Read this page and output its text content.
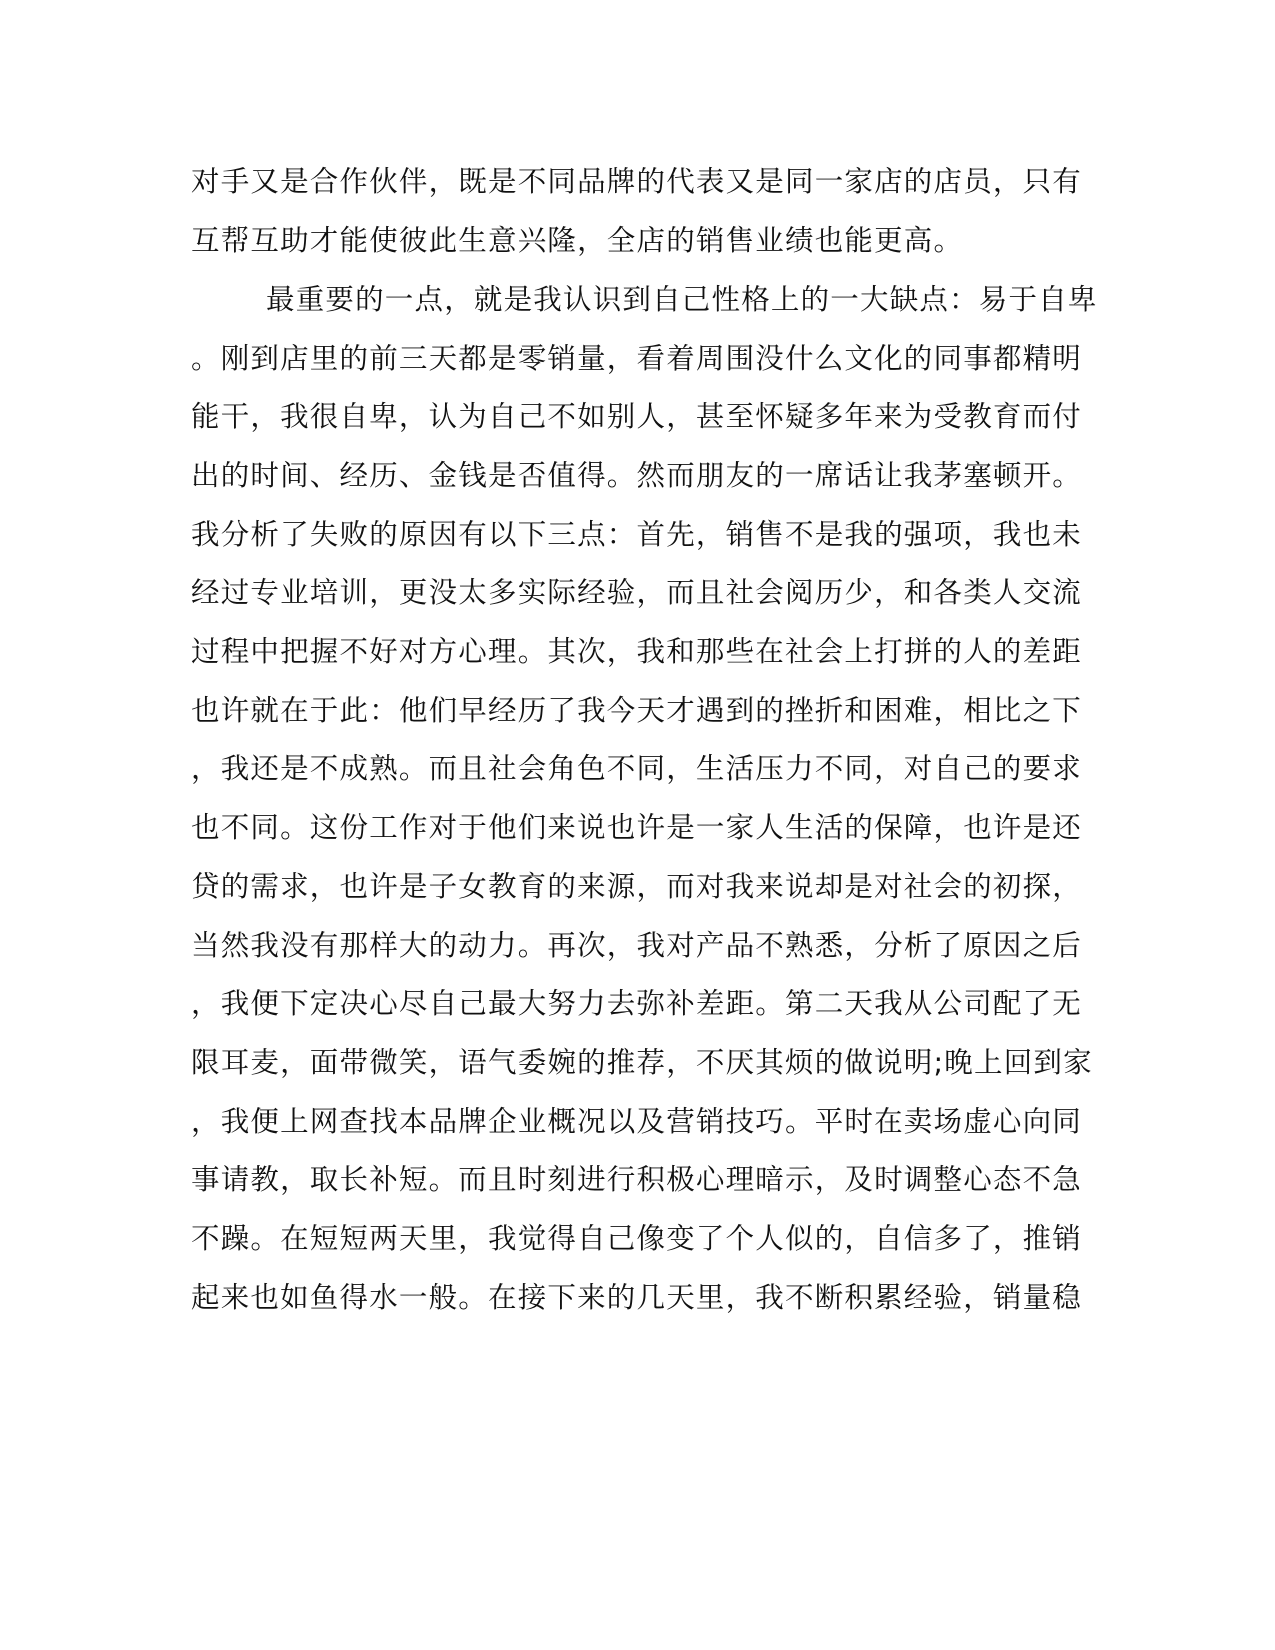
对手又是合作伙伴，既是不同品牌的代表又是同一家店的店员，只有
互帮互助才能使彼此生意兴隆，全店的销售业绩也能更高。
最重要的一点，就是我认识到自己性格上的一大缺点：易于自卑
。刚到店里的前三天都是零销量，看着周围没什么文化的同事都精明
能干，我很自卑，认为自己不如别人，甚至怀疑多年来为受教育而付
出的时间、经历、金钱是否值得。然而朋友的一席话让我茅塞顿开。
我分析了失败的原因有以下三点：首先，销售不是我的强项，我也未
经过专业培训，更没太多实际经验，而且社会阅历少，和各类人交流
过程中把握不好对方心理。其次，我和那些在社会上打拼的人的差距
也许就在于此：他们早经历了我今天才遇到的挫折和困难，相比之下
，我还是不成熟。而且社会角色不同，生活压力不同，对自己的要求
也不同。这份工作对于他们来说也许是一家人生活的保障，也许是还
贷的需求，也许是子女教育的来源，而对我来说却是对社会的初探，
当然我没有那样大的动力。再次，我对产品不熟悉，分析了原因之后
，我便下定决心尽自己最大努力去弥补差距。第二天我从公司配了无
限耳麦，面带微笑，语气委婉的推荐，不厌其烦的做说明;晚上回到家
，我便上网查找本品牌企业概况以及营销技巧。平时在卖场虚心向同
事请教，取长补短。而且时刻进行积极心理暗示，及时调整心态不急
不躁。在短短两天里，我觉得自己像变了个人似的，自信多了，推销
起来也如鱼得水一般。在接下来的几天里，我不断积累经验，销量稳
